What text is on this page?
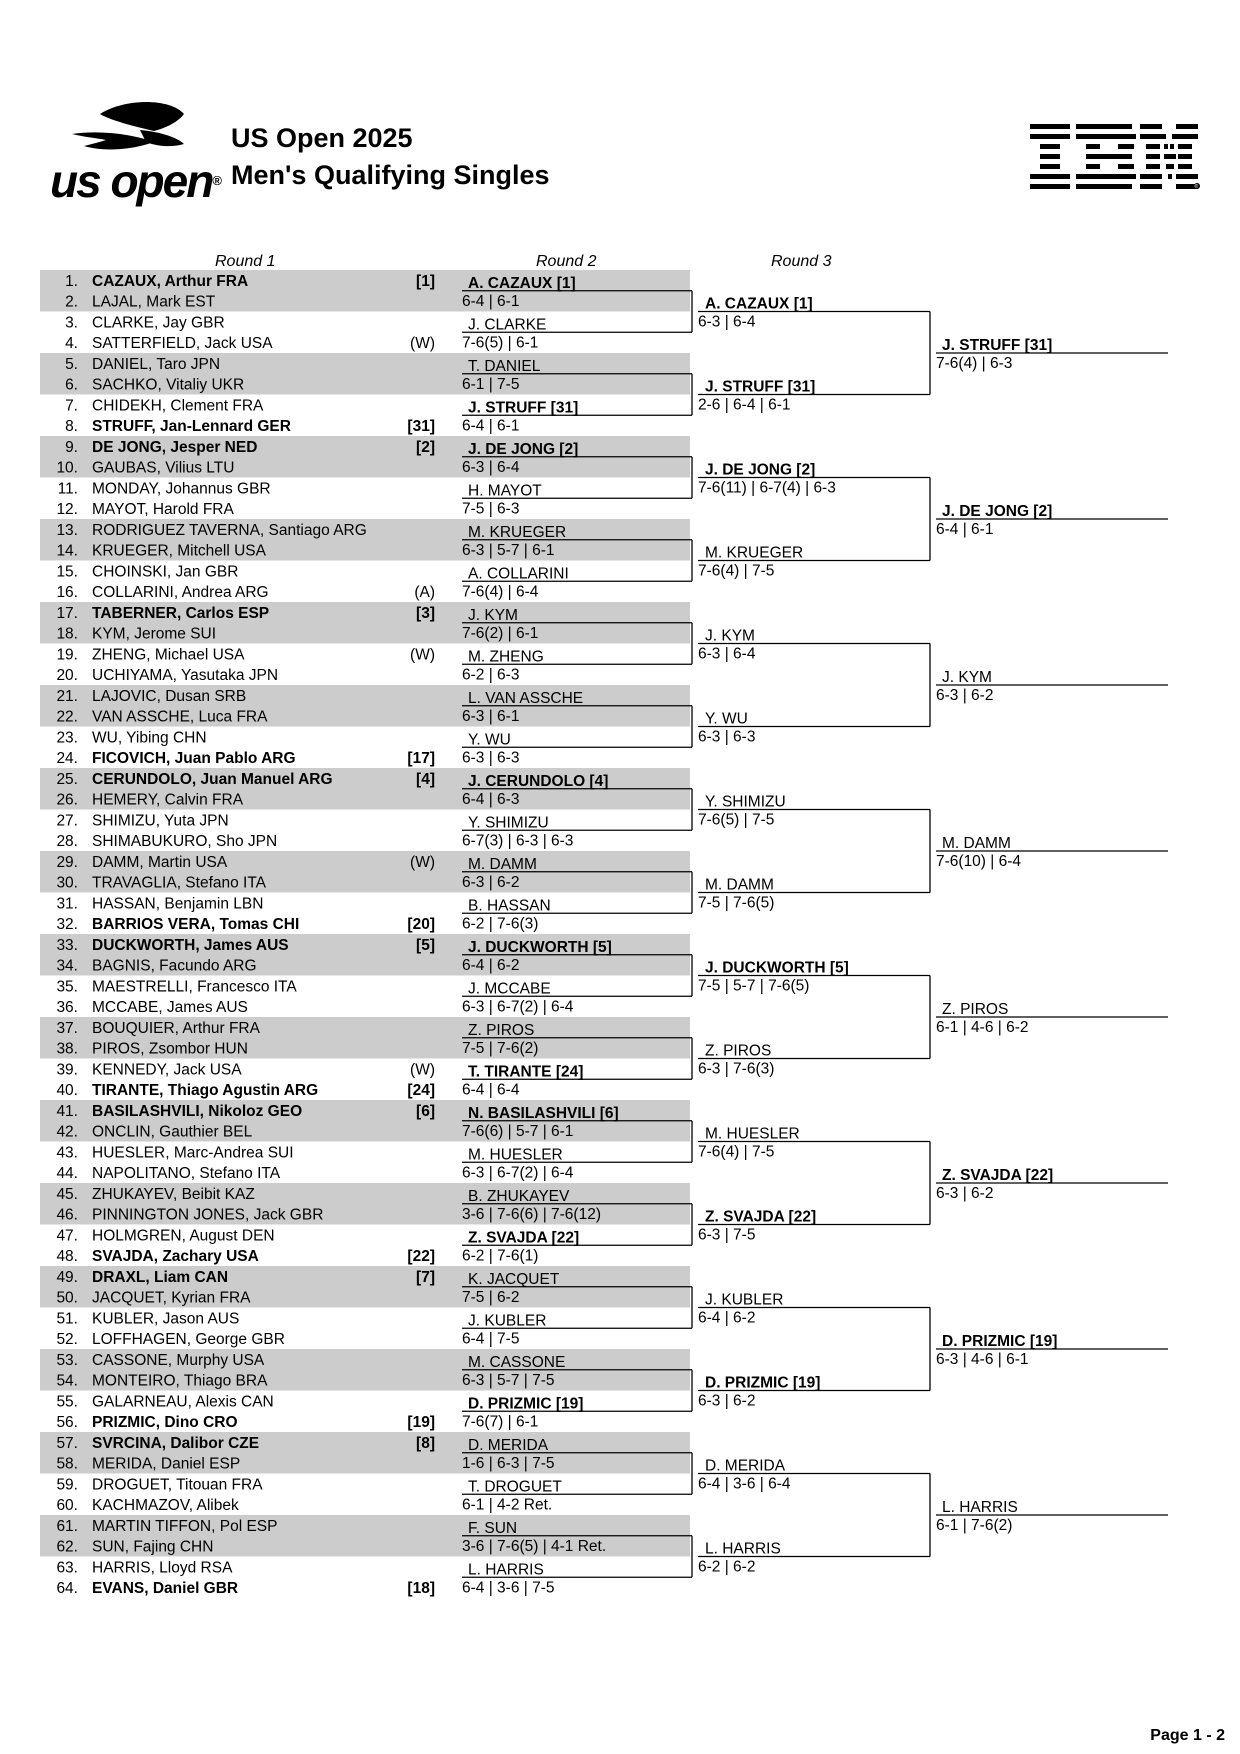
us open®
US Open 2025
Men's Qualifying Singles	®
Round 1	Round 2	Round 3
1. CAZAUX, Arthur FRA	[1]
2. LAJAL, Mark EST
3. CLARKE, Jay GBR
4. SATTERFIELD, Jack USA	(W)
5. DANIEL, Taro JPN
6. SACHKO, Vitaliy UKR
7. CHIDEKH, Clement FRA
8. STRUFF, Jan-Lennard GER	[31]
9. DE JONG, Jesper NED	[2]
10. GAUBAS, Vilius LTU
11. MONDAY, Johannus GBR
12. MAYOT, Harold FRA
13. RODRIGUEZ TAVERNA, Santiago ARG
14. KRUEGER, Mitchell USA
15. CHOINSKI, Jan GBR
16. COLLARINI, Andrea ARG	(A)
17. TABERNER, Carlos ESP	[3]
18. KYM, Jerome SUI
19. ZHENG, Michael USA	(W)
20. UCHIYAMA, Yasutaka JPN
21. LAJOVIC, Dusan SRB
22. VAN ASSCHE, Luca FRA
23. WU, Yibing CHN
24. FICOVICH, Juan Pablo ARG	[17]
25. CERUNDOLO, Juan Manuel ARG	[4]
26. HEMERY, Calvin FRA
27. SHIMIZU, Yuta JPN
28. SHIMABUKURO, Sho JPN
29. DAMM, Martin USA	(W)
30. TRAVAGLIA, Stefano ITA
31. HASSAN, Benjamin LBN
32. BARRIOS VERA, Tomas CHI	[20]
33. DUCKWORTH, James AUS	[5]
34. BAGNIS, Facundo ARG
35. MAESTRELLI, Francesco ITA
36. MCCABE, James AUS
37. BOUQUIER, Arthur FRA
38. PIROS, Zsombor HUN
39. KENNEDY, Jack USA	(W)
40. TIRANTE, Thiago Agustin ARG	[24]
41. BASILASHVILI, Nikoloz GEO	[6]
42. ONCLIN, Gauthier BEL
43. HUESLER, Marc-Andrea SUI
44. NAPOLITANO, Stefano ITA
45. ZHUKAYEV, Beibit KAZ
46. PINNINGTON JONES, Jack GBR
47. HOLMGREN, August DEN
48. SVAJDA, Zachary USA	[22]
49. DRAXL, Liam CAN	[7]
50. JACQUET, Kyrian FRA
51. KUBLER, Jason AUS
52. LOFFHAGEN, George GBR
53. CASSONE, Murphy USA
54. MONTEIRO, Thiago BRA
55. GALARNEAU, Alexis CAN
56. PRIZMIC, Dino CRO	[19]
57. SVRCINA, Dalibor CZE	[8]
58. MERIDA, Daniel ESP
59. DROGUET, Titouan FRA
60. KACHMAZOV, Alibek
61. MARTIN TIFFON, Pol ESP
62. SUN, Fajing CHN
63. HARRIS, Lloyd RSA
64. EVANS, Daniel GBR	[18]
A. CAZAUX [1]
6-4 | 6-1
J. CLARKE
7-6(5) | 6-1
T. DANIEL
6-1 | 7-5
J. STRUFF [31]
6-4 | 6-1
J. DE JONG [2]
6-3 | 6-4
H. MAYOT
7-5 | 6-3
M. KRUEGER
6-3 | 5-7 | 6-1
A. COLLARINI
7-6(4) | 6-4
J. KYM
7-6(2) | 6-1
M. ZHENG
6-2 | 6-3
L. VAN ASSCHE
6-3 | 6-1
Y. WU
6-3 | 6-3
J. CERUNDOLO [4]
6-4 | 6-3
Y. SHIMIZU
6-7(3) | 6-3 | 6-3
M. DAMM
6-3 | 6-2
B. HASSAN
6-2 | 7-6(3)
J. DUCKWORTH [5]
6-4 | 6-2
J. MCCABE
6-3 | 6-7(2) | 6-4
Z. PIROS
7-5 | 7-6(2)
T. TIRANTE [24]
6-4 | 6-4
N. BASILASHVILI [6]
7-6(6) | 5-7 | 6-1
M. HUESLER
6-3 | 6-7(2) | 6-4
B. ZHUKAYEV
3-6 | 7-6(6) | 7-6(12)
Z. SVAJDA [22]
6-2 | 7-6(1)
K. JACQUET
7-5 | 6-2
J. KUBLER
6-4 | 7-5
M. CASSONE
6-3 | 5-7 | 7-5
D. PRIZMIC [19]
7-6(7) | 6-1
D. MERIDA
1-6 | 6-3 | 7-5
T. DROGUET
6-1 | 4-2 Ret.
F. SUN
3-6 | 7-6(5) | 4-1 Ret.
L. HARRIS
6-4 | 3-6 | 7-5
A. CAZAUX [1]
6-3 | 6-4
J. STRUFF [31]
2-6 | 6-4 | 6-1
J. DE JONG [2]
7-6(11) | 6-7(4) | 6-3
M. KRUEGER
7-6(4) | 7-5
J. KYM
6-3 | 6-4
Y. WU
6-3 | 6-3
Y. SHIMIZU
7-6(5) | 7-5
M. DAMM
7-5 | 7-6(5)
J. DUCKWORTH [5]
7-5 | 5-7 | 7-6(5)
Z. PIROS
6-3 | 7-6(3)
M. HUESLER
7-6(4) | 7-5
Z. SVAJDA [22]
6-3 | 7-5
J. KUBLER
6-4 | 6-2
D. PRIZMIC [19]
6-3 | 6-2
D. MERIDA
6-4 | 3-6 | 6-4
L. HARRIS
6-2 | 6-2
J. STRUFF [31]
7-6(4) | 6-3
J. DE JONG [2]
6-4 | 6-1
J. KYM
6-3 | 6-2
M. DAMM
7-6(10) | 6-4
Z. PIROS
6-1 | 4-6 | 6-2
Z. SVAJDA [22]
6-3 | 6-2
D. PRIZMIC [19]
6-3 | 4-6 | 6-1
L. HARRIS
6-1 | 7-6(2)
Page 1 - 2
